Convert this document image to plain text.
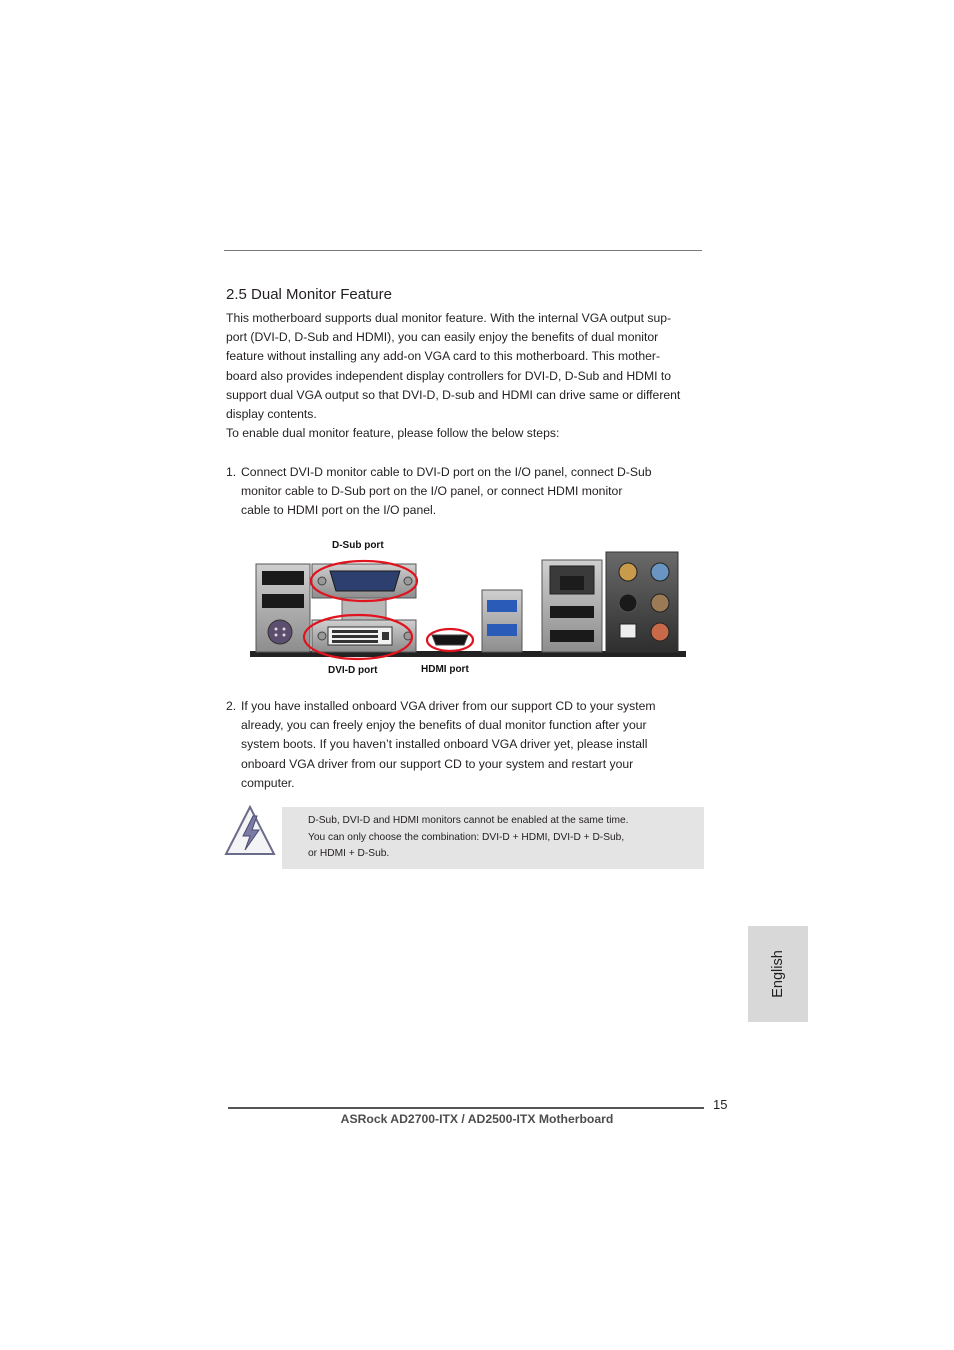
2.5 Dual Monitor Feature

This motherboard supports dual monitor feature. With the internal VGA output sup-

port (DVI-D, D-Sub and HDMI), you can easily enjoy the benefits of dual monitor

feature without installing any add-on VGA card to this motherboard. This mother-

board also provides independent display controllers for DVI-D, D-Sub and HDMI to

support dual VGA output so that DVI-D, D-sub and HDMI can drive same or different

display contents.

To enable dual monitor feature, please follow the below steps:

1. Connect DVI-D monitor cable to DVI-D port on the I/O panel, connect D-Sub
monitor cable to D-Sub port on the I/O panel, or connect HDMI monitor
cable to HDMI port on the I/O panel.
D-Sub port
DVI-D port	HDMI port
2. If you have installed onboard VGA driver from our support CD to your system
already, you can freely enjoy the benefits of dual monitor function after your
system boots. If you haven’t installed onboard VGA driver yet, please install
onboard VGA driver from our support CD to your system and restart your
computer.
D-Sub, DVI-D and HDMI monitors cannot be enabled at the same time.
You can only choose the combination: DVI-D + HDMI, DVI-D + D-Sub,
or HDMI + D-Sub.
English
15
ASRock AD2700-ITX / AD2500-ITX Motherboard
